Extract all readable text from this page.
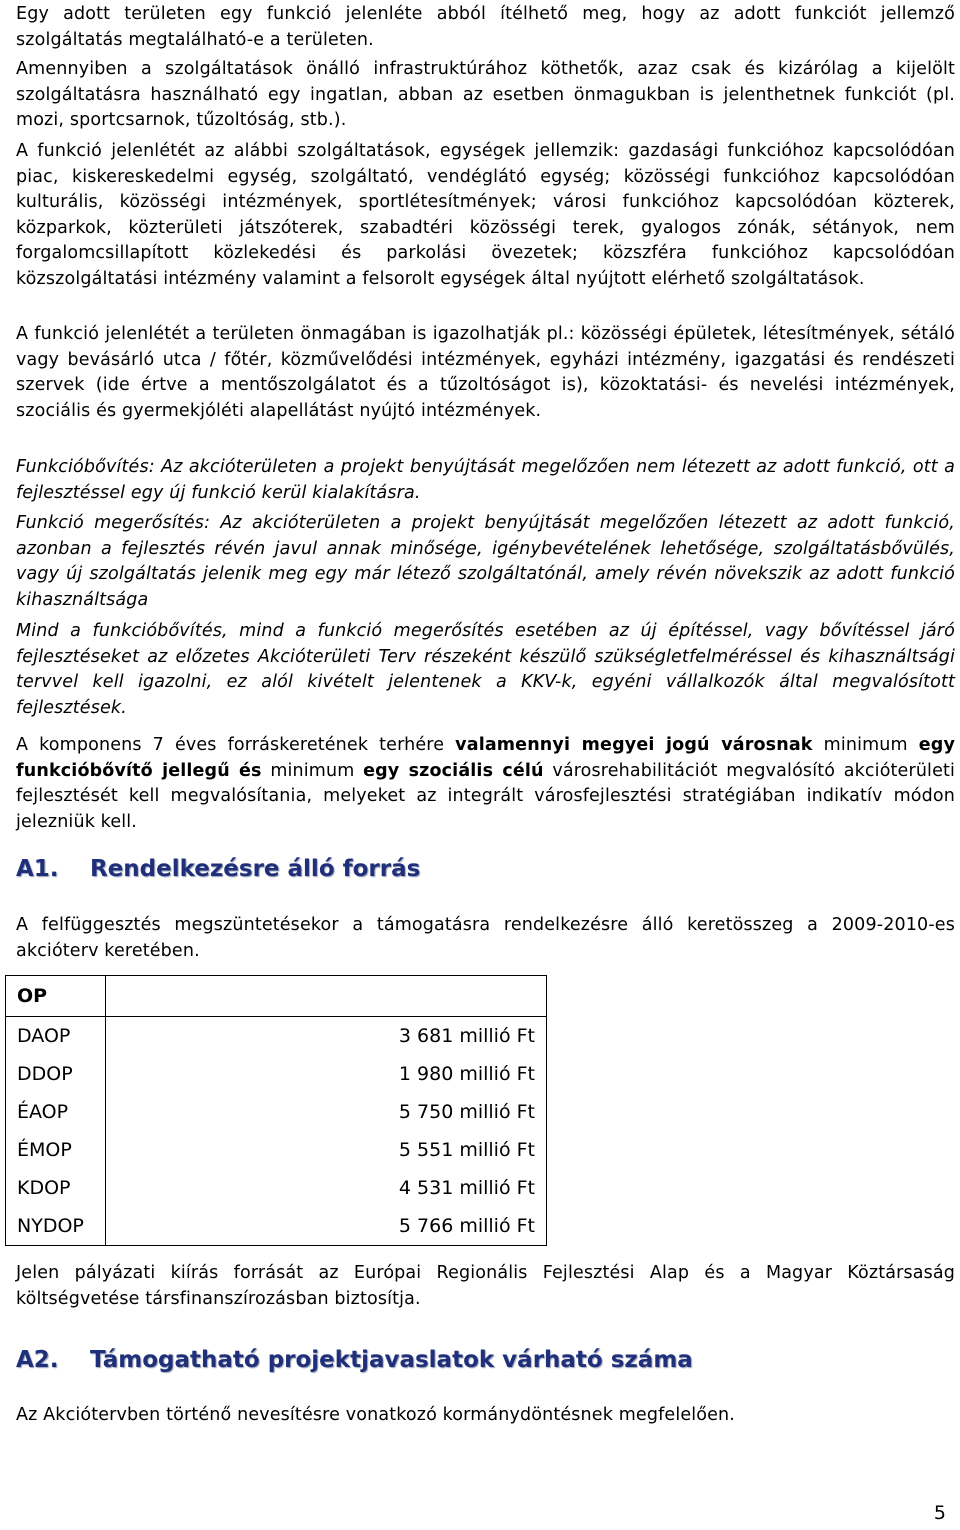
Egy adott területen egy funkció jelenléte abból ítélhető meg, hogy az adott funkciót jellemző szolgáltatás megtalálható-e a területen.

Amennyiben a szolgáltatások önálló infrastruktúrához köthetők, azaz csak és kizárólag a kijelölt szolgáltatásra használható egy ingatlan, abban az esetben önmagukban is jelenthetnek funkciót (pl. mozi, sportcsarnok, tűzoltóság, stb.).

A funkció jelenlétét az alábbi szolgáltatások, egységek jellemzik: gazdasági funkcióhoz kapcsolódóan piac, kiskereskedelmi egység, szolgáltató, vendéglátó egység; közösségi funkcióhoz kapcsolódóan kulturális, közösségi intézmények, sportlétesítmények; városi funkcióhoz kapcsolódóan közterek, közparkok, közterületi játszóterek, szabadtéri közösségi terek, gyalogos zónák, sétányok, nem forgalomcsillapított közlekedési és parkolási övezetek; közszféra funkcióhoz kapcsolódóan közszolgáltatási intézmény valamint a felsorolt egységek által nyújtott elérhető szolgáltatások.

A funkció jelenlétét a területen önmagában is igazolhatják pl.: közösségi épületek, létesítmények, sétáló vagy bevásárló utca / főtér, közművelődési intézmények, egyházi intézmény, igazgatási és rendészeti szervek (ide értve a mentőszolgálatot és a tűzoltóságot is), közoktatási- és nevelési intézmények, szociális és gyermekjóléti alapellátást nyújtó intézmények.

Funkcióbővítés: Az akcióterületen a projekt benyújtását megelőzően nem létezett az adott funkció, ott a fejlesztéssel egy új funkció kerül kialakításra.

Funkció megerősítés: Az akcióterületen a projekt benyújtását megelőzően létezett az adott funkció, azonban a fejlesztés révén javul annak minősége, igénybevételének lehetősége, szolgáltatásbővülés, vagy új szolgáltatás jelenik meg egy már létező szolgáltatónál, amely révén növekszik az adott funkció kihasználtsága

Mind a funkcióbővítés, mind a funkció megerősítés esetében az új építéssel, vagy bővítéssel járó fejlesztéseket az előzetes Akcióterületi Terv részeként készülő szükségletfelméréssel és kihasználtsági tervvel kell igazolni, ez alól kivételt jelentenek a KKV-k, egyéni vállalkozók által megvalósított fejlesztések.

A komponens 7 éves forráskeretének terhére valamennyi megyei jogú városnak minimum egy funkcióbővítő jellegű és minimum egy szociális célú városrehabilitációt megvalósító akcióterületi fejlesztését kell megvalósítania, melyeket az integrált városfejlesztési stratégiában indikatív módon jelezniük kell.

A1. Rendelkezésre álló forrás

A felfüggesztés megszüntetésekor a támogatásra rendelkezésre álló keretösszeg a 2009-2010-es akcióterv keretében.

OP	
DAOP	3 681 millió Ft
DDOP	1 980 millió Ft
ÉAOP	5 750 millió Ft
ÉMOP	5 551 millió Ft
KDOP	4 531 millió Ft
NYDOP	5 766 millió Ft

Jelen pályázati kiírás forrását az Európai Regionális Fejlesztési Alap és a Magyar Köztársaság költségvetése társfinanszírozásban biztosítja.

A2. Támogatható projektjavaslatok várható száma

Az Akciótervben történő nevesítésre vonatkozó kormánydöntésnek megfelelően.

5
